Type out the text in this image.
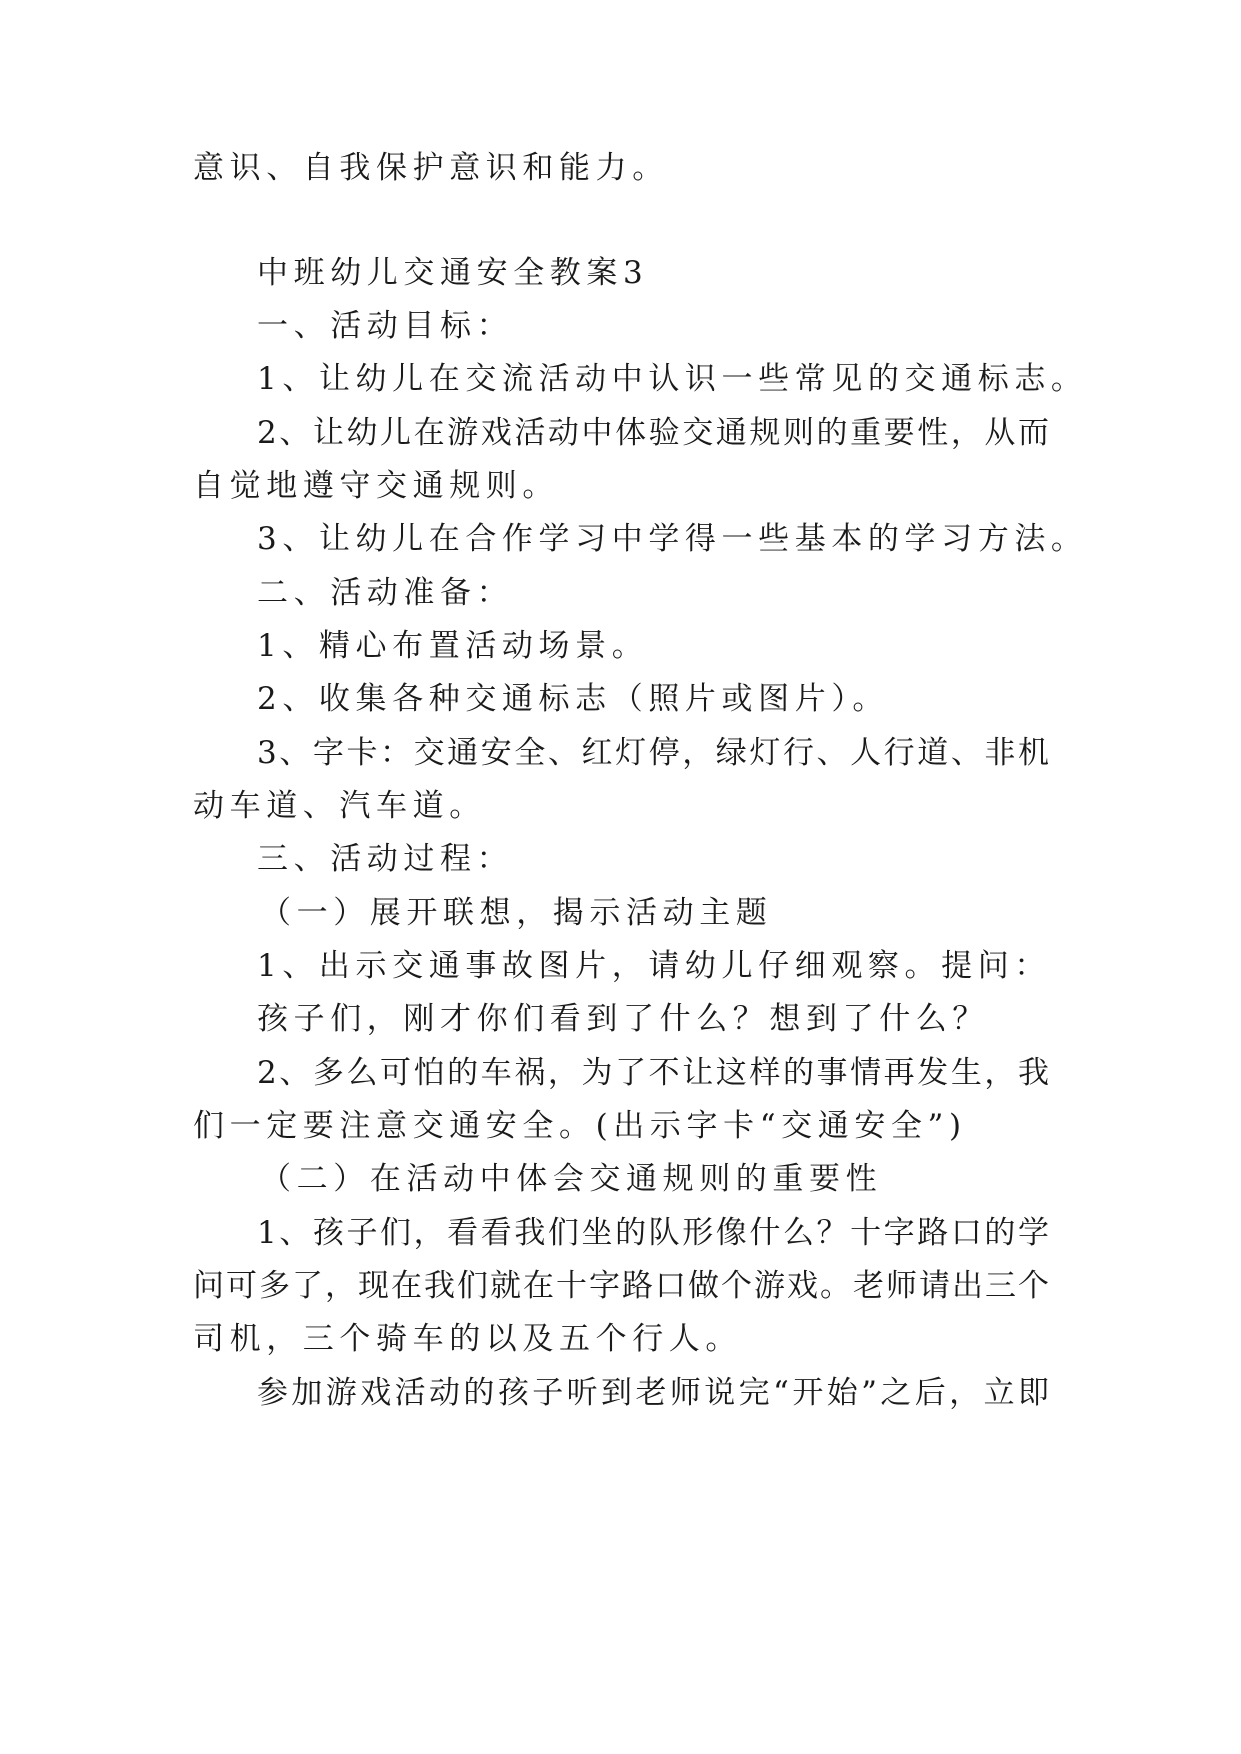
意识、自我保护意识和能力。
中班幼儿交通安全教案3
一、活动目标：
1、让幼儿在交流活动中认识一些常见的交通标志。
2、让幼儿在游戏活动中体验交通规则的重要性，从而
自觉地遵守交通规则。
3、让幼儿在合作学习中学得一些基本的学习方法。
二、活动准备：
1、精心布置活动场景。
2、收集各种交通标志（照片或图片）。
3、字卡：交通安全、红灯停，绿灯行、人行道、非机
动车道、汽车道。
三、活动过程：
（一）展开联想，揭示活动主题
1、出示交通事故图片，请幼儿仔细观察。提问：
孩子们，刚才你们看到了什么？想到了什么？
2、多么可怕的车祸，为了不让这样的事情再发生，我
们一定要注意交通安全。(出示字卡“交通安全”)
（二）在活动中体会交通规则的重要性
1、孩子们，看看我们坐的队形像什么？十字路口的学
问可多了，现在我们就在十字路口做个游戏。老师请出三个
司机，三个骑车的以及五个行人。
参加游戏活动的孩子听到老师说完“开始”之后，立即
